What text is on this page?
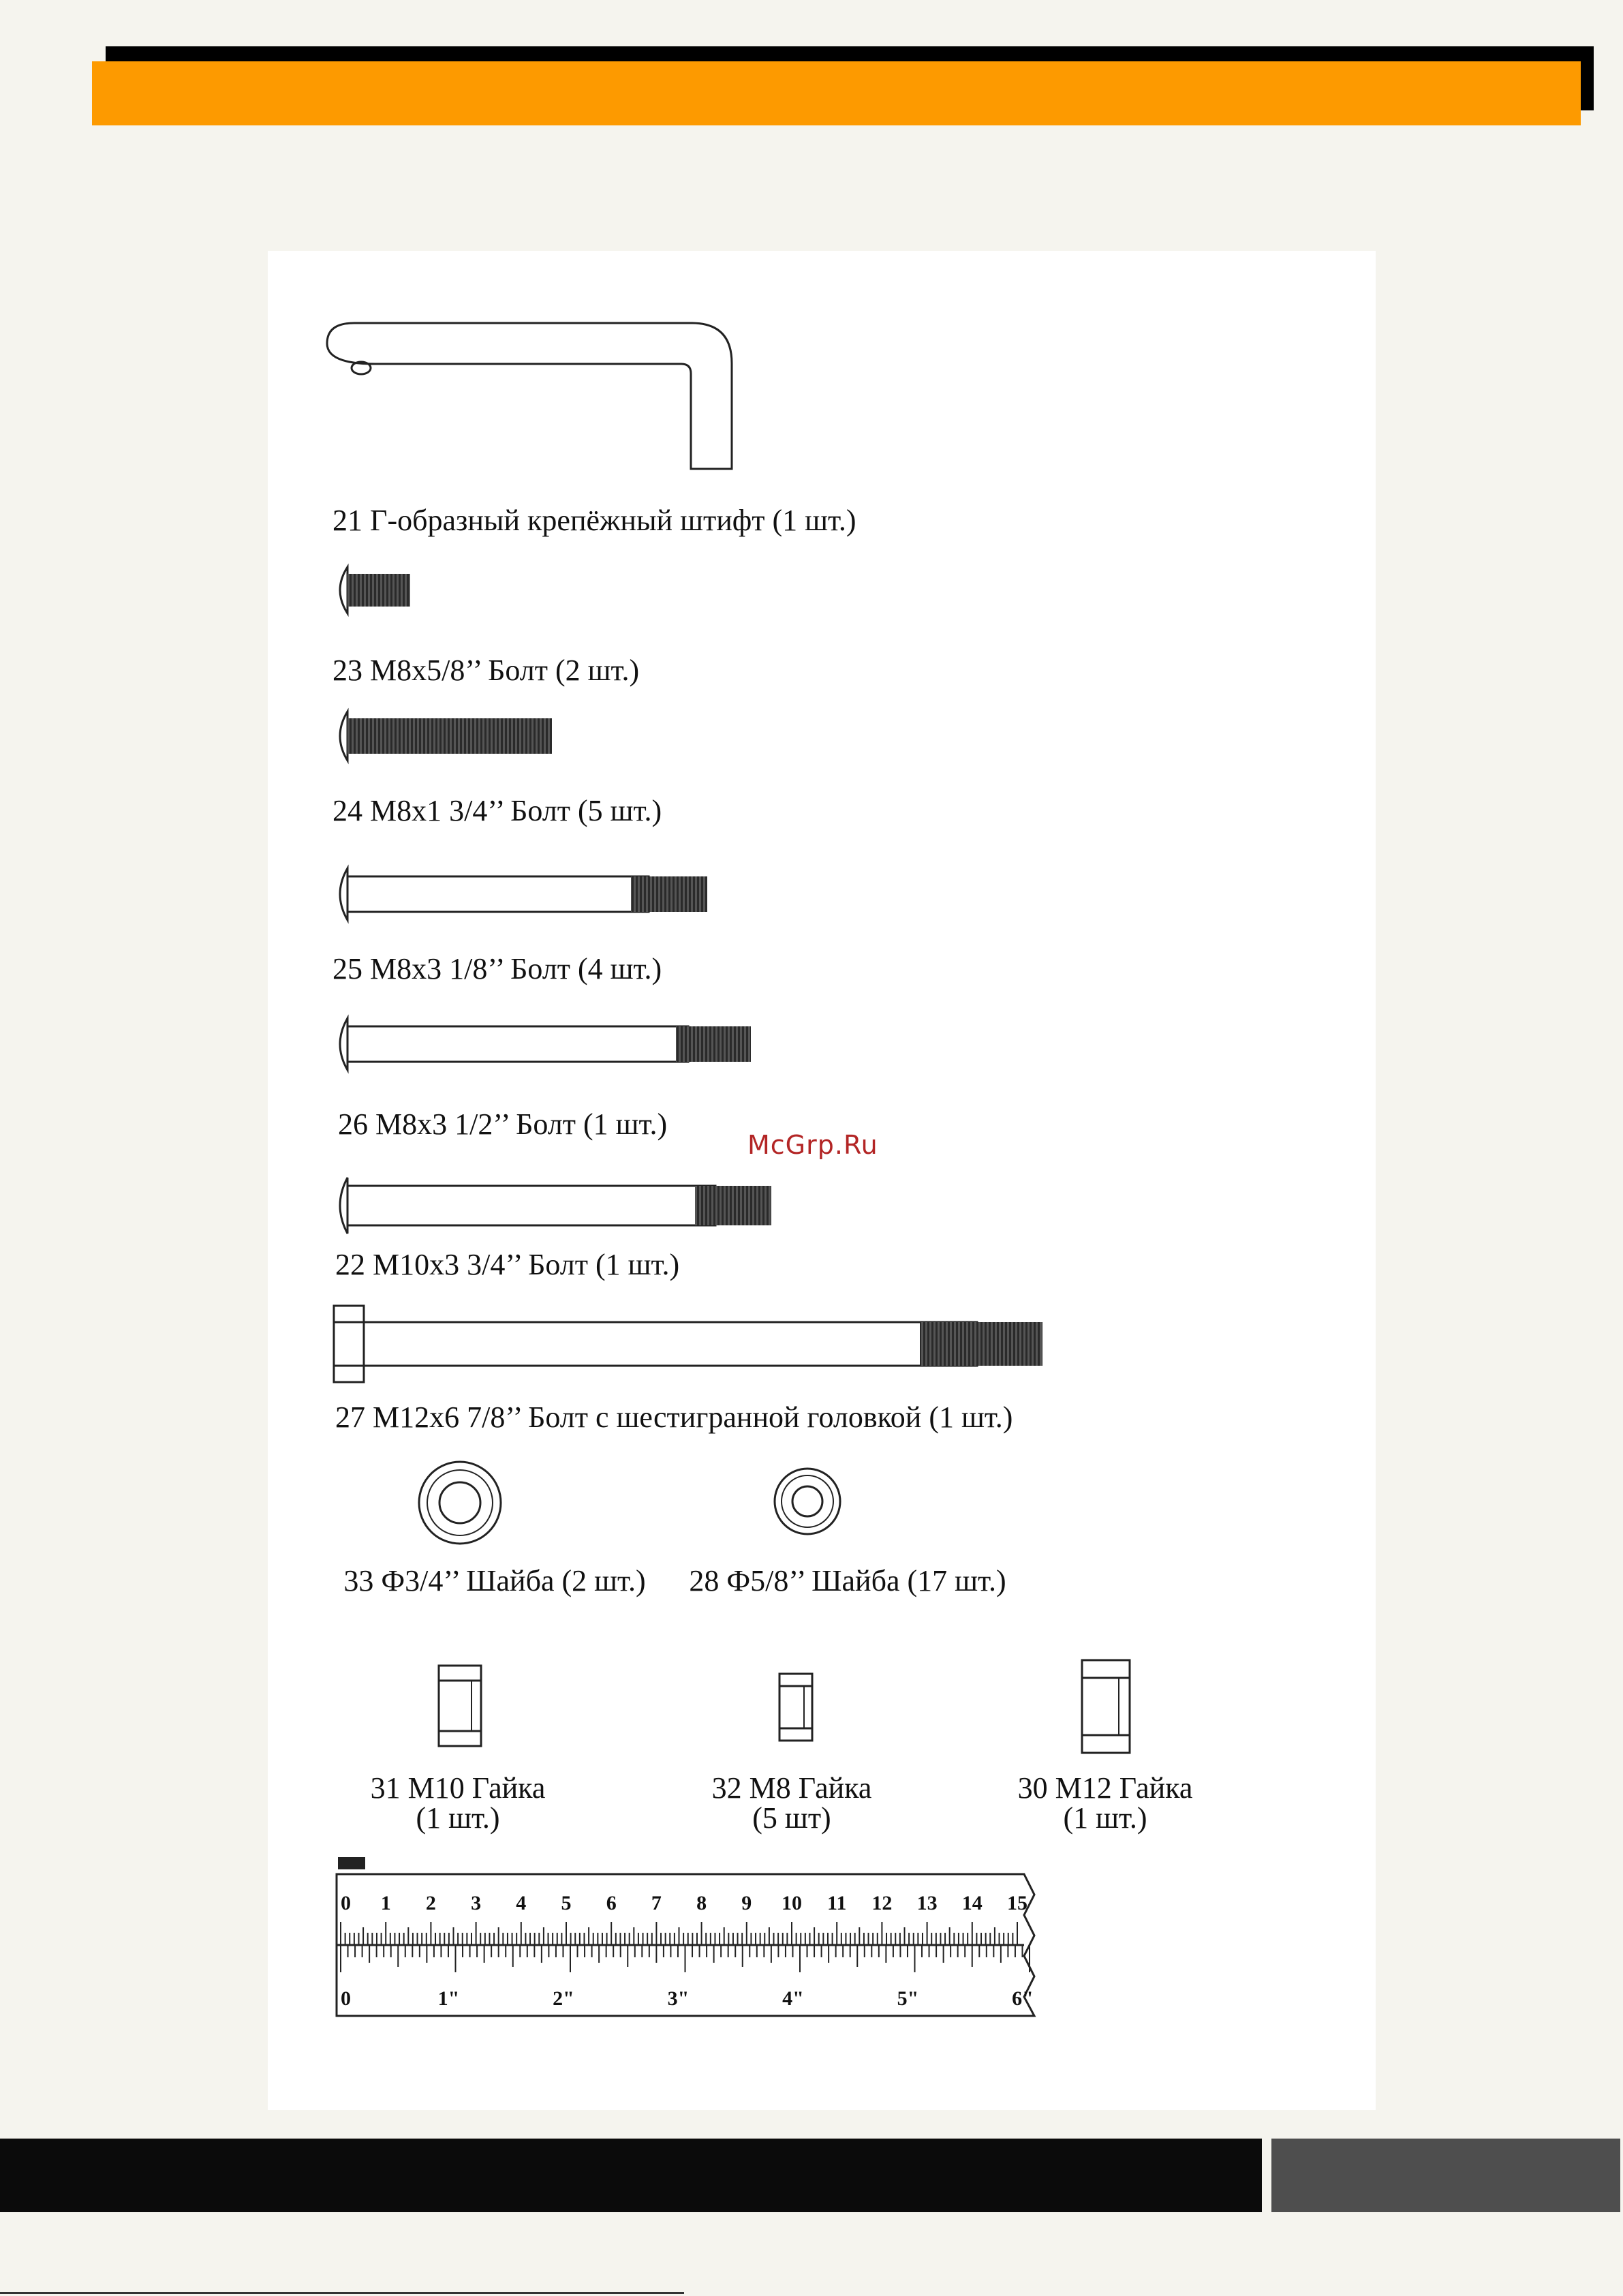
21 Г-образный крепёжный штифт (1 шт.)
23 M8x5/8’’ Болт (2 шт.)
24 M8x1 3/4’’ Болт (5 шт.)
25 M8x3 1/8’’ Болт (4 шт.)
26 M8x3 1/2’’ Болт (1 шт.)
22 M10x3 3/4’’ Болт (1 шт.)
27 M12x6 7/8’’ Болт с шестигранной головкой (1 шт.)
33 Ф3/4’’ Шайба (2 шт.) 28 Ф5/8’’ Шайба (17 шт.)
31 M10 Гайка
(1 шт.)
32 M8 Гайка
(5 шт)
30 M12 Гайка
(1 шт.)
0 1 2 3 4 5 6 7 8 9 10 11 12 13 14 15
0	1"	2"	3"	4"	5"	6"
McGrp.Ru
